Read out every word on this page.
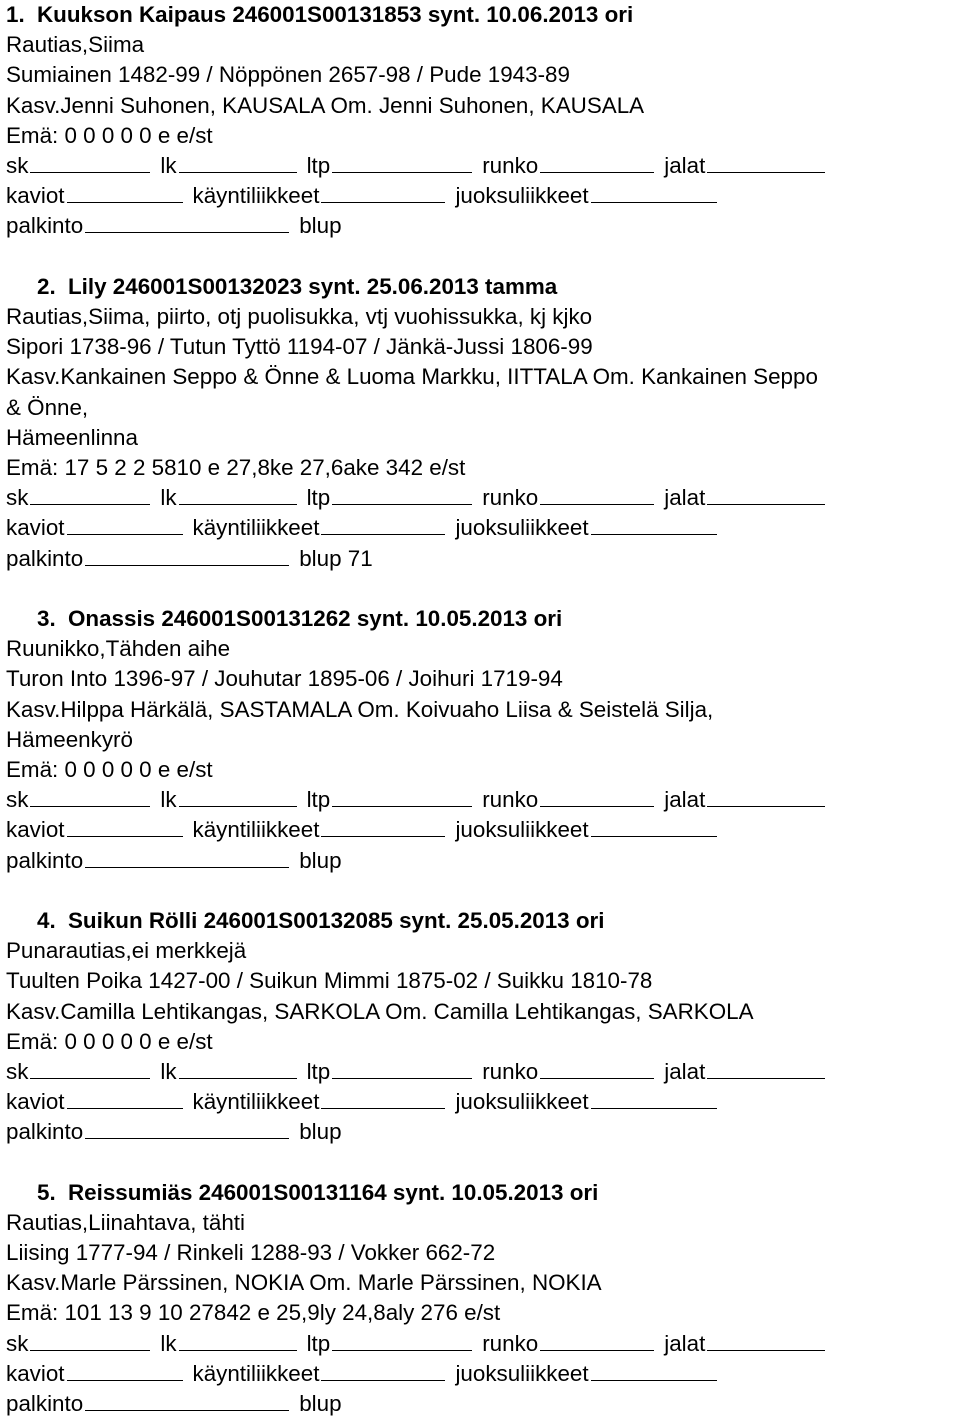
1. Kuukson Kaipaus 246001S00131853 synt. 10.06.2013 ori
Rautias,Siima
Sumiainen 1482-99 / Nöppönen 2657-98 / Pude 1943-89
Kasv.Jenni Suhonen, KAUSALA Om. Jenni Suhonen, KAUSALA
Emä: 0 0 0 0 0 e e/st
sk	lk	ltp	runko	jalat
kaviot	käyntiliikkeet	juoksuliikkeet
palkinto	blup
2. Lily 246001S00132023 synt. 25.06.2013 tamma
Rautias,Siima, piirto, otj puolisukka, vtj vuohissukka, kj kjko
Sipori 1738-96 / Tutun Tyttö 1194-07 / Jänkä-Jussi 1806-99
Kasv.Kankainen Seppo & Önne & Luoma Markku, IITTALA Om. Kankainen Seppo
& Önne,
Hämeenlinna
Emä: 17 5 2 2 5810 e 27,8ke 27,6ake 342 e/st
sk	lk	ltp	runko	jalat
kaviot	käyntiliikkeet	juoksuliikkeet
palkinto	blup 71
3. Onassis 246001S00131262 synt. 10.05.2013 ori
Ruunikko,Tähden aihe
Turon Into 1396-97 / Jouhutar 1895-06 / Joihuri 1719-94
Kasv.Hilppa Härkälä, SASTAMALA Om. Koivuaho Liisa & Seistelä Silja,
Hämeenkyrö
Emä: 0 0 0 0 0 e e/st
sk	lk	ltp	runko	jalat
kaviot	käyntiliikkeet	juoksuliikkeet
palkinto	blup
4. Suikun Rölli 246001S00132085 synt. 25.05.2013 ori
Punarautias,ei merkkejä
Tuulten Poika 1427-00 / Suikun Mimmi 1875-02 / Suikku 1810-78
Kasv.Camilla Lehtikangas, SARKOLA Om. Camilla Lehtikangas, SARKOLA
Emä: 0 0 0 0 0 e e/st
sk	lk	ltp	runko	jalat
kaviot	käyntiliikkeet	juoksuliikkeet
palkinto	blup
5. Reissumiäs 246001S00131164 synt. 10.05.2013 ori
Rautias,Liinahtava, tähti
Liising 1777-94 / Rinkeli 1288-93 / Vokker 662-72
Kasv.Marle Pärssinen, NOKIA Om. Marle Pärssinen, NOKIA
Emä: 101 13 9 10 27842 e 25,9ly 24,8aly 276 e/st
sk	lk	ltp	runko	jalat
kaviot	käyntiliikkeet	juoksuliikkeet
palkinto	blup
